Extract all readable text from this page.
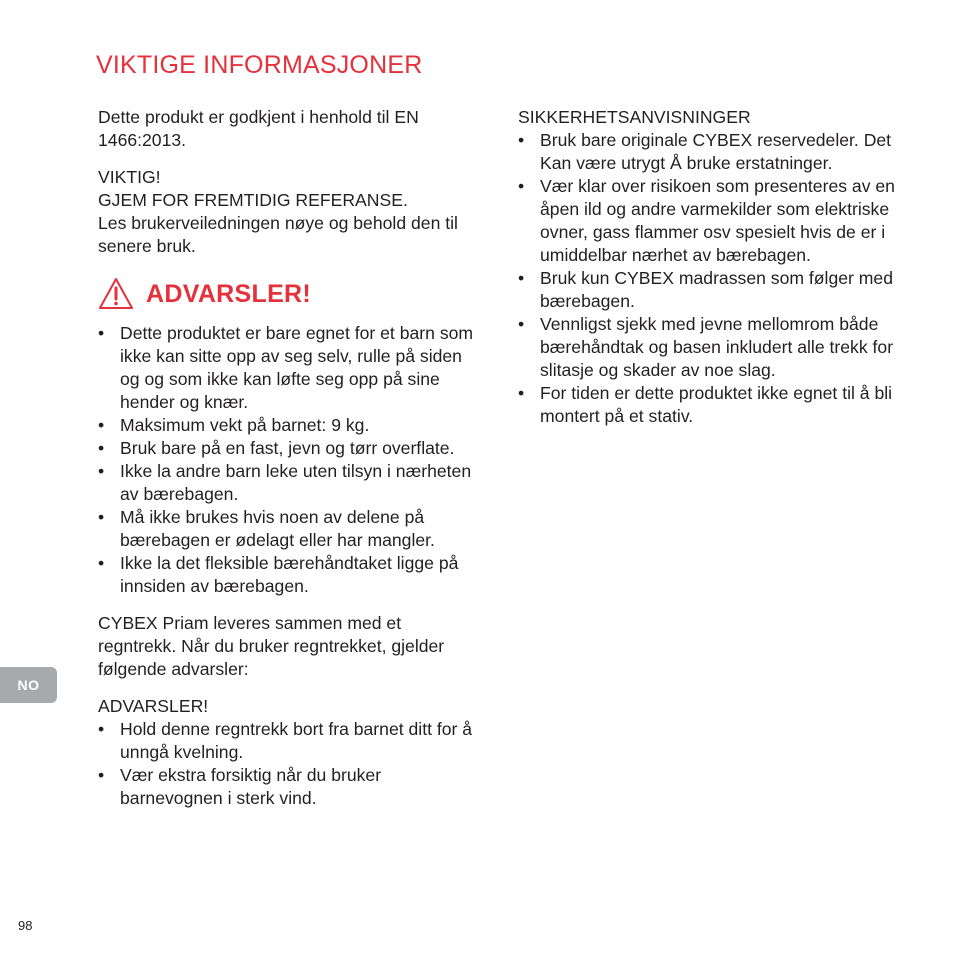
VIKTIGE INFORMASJONER

Dette produkt er godkjent i henhold til EN 1466:2013.

VIKTIG!

GJEM FOR FREMTIDIG REFERANSE.

Les brukerveiledningen nøye og behold den til senere bruk.

ADVARSLER!
• Dette produktet er bare egnet for et barn som ikke kan sitte opp av seg selv, rulle på siden og og som ikke kan løfte seg opp på sine hender og knær.
• Maksimum vekt på barnet: 9 kg.
• Bruk bare på en fast, jevn og tørr overflate.
• Ikke la andre barn leke uten tilsyn i nærheten av bærebagen.
• Må ikke brukes hvis noen av delene på bærebagen er ødelagt eller har mangler.
• Ikke la det fleksible bærehåndtaket ligge på innsiden av bærebagen.

CYBEX Priam leveres sammen med et regntrekk. Når du bruker regntrekket, gjelder følgende advarsler:

ADVARSLER!

• Hold denne regntrekk bort fra barnet ditt for å unngå kvelning.
• Vær ekstra forsiktig når du bruker barnevognen i sterk vind.

SIKKERHETSANVISNINGER

• Bruk bare originale CYBEX reservedeler. Det Kan være utrygt Å bruke erstatninger.
• Vær klar over risikoen som presenteres av en åpen ild og andre varmekilder som elektriske ovner, gass flammer osv spesielt hvis de er i umiddelbar nærhet av bærebagen.
• Bruk kun CYBEX madrassen som følger med bærebagen.
• Vennligst sjekk med jevne mellomrom både bærehåndtak og basen inkludert alle trekk for slitasje og skader av noe slag.
• For tiden er dette produktet ikke egnet til å bli montert på et stativ.
NO
98
